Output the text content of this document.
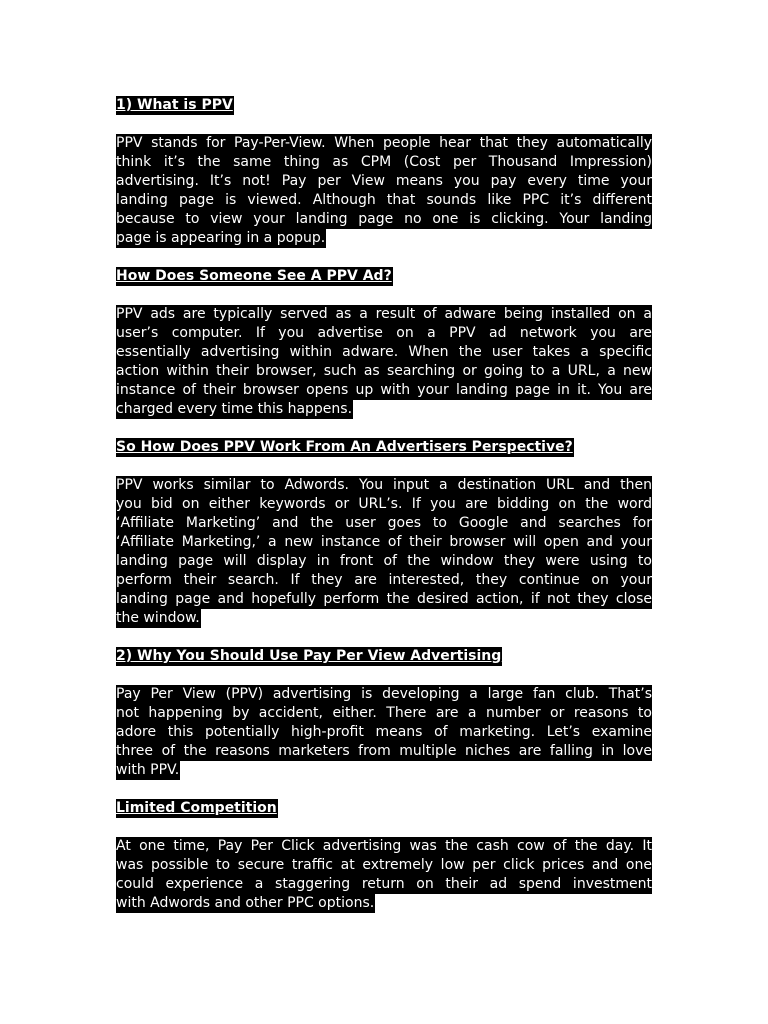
1) What is PPV
PPV stands for Pay-Per-View. When people hear that they automatically
think it’s the same thing as CPM (Cost per Thousand Impression)
advertising. It’s not! Pay per View means you pay every time your
landing page is viewed. Although that sounds like PPC it’s different
because to view your landing page no one is clicking. Your landing
page is appearing in a popup.
How Does Someone See A PPV Ad?
PPV ads are typically served as a result of adware being installed on a
user’s computer. If you advertise on a PPV ad network you are
essentially advertising within adware. When the user takes a specific
action within their browser, such as searching or going to a URL, a new
instance of their browser opens up with your landing page in it. You are
charged every time this happens.
So How Does PPV Work From An Advertisers Perspective?
PPV works similar to Adwords. You input a destination URL and then
you bid on either keywords or URL’s. If you are bidding on the word
‘Affiliate Marketing’ and the user goes to Google and searches for
‘Affiliate Marketing,’ a new instance of their browser will open and your
landing page will display in front of the window they were using to
perform their search. If they are interested, they continue on your
landing page and hopefully perform the desired action, if not they close
the window.
2) Why You Should Use Pay Per View Advertising
Pay Per View (PPV) advertising is developing a large fan club. That’s
not happening by accident, either. There are a number or reasons to
adore this potentially high-profit means of marketing. Let’s examine
three of the reasons marketers from multiple niches are falling in love
with PPV.
Limited Competition
At one time, Pay Per Click advertising was the cash cow of the day. It
was possible to secure traffic at extremely low per click prices and one
could experience a staggering return on their ad spend investment
with Adwords and other PPC options.
